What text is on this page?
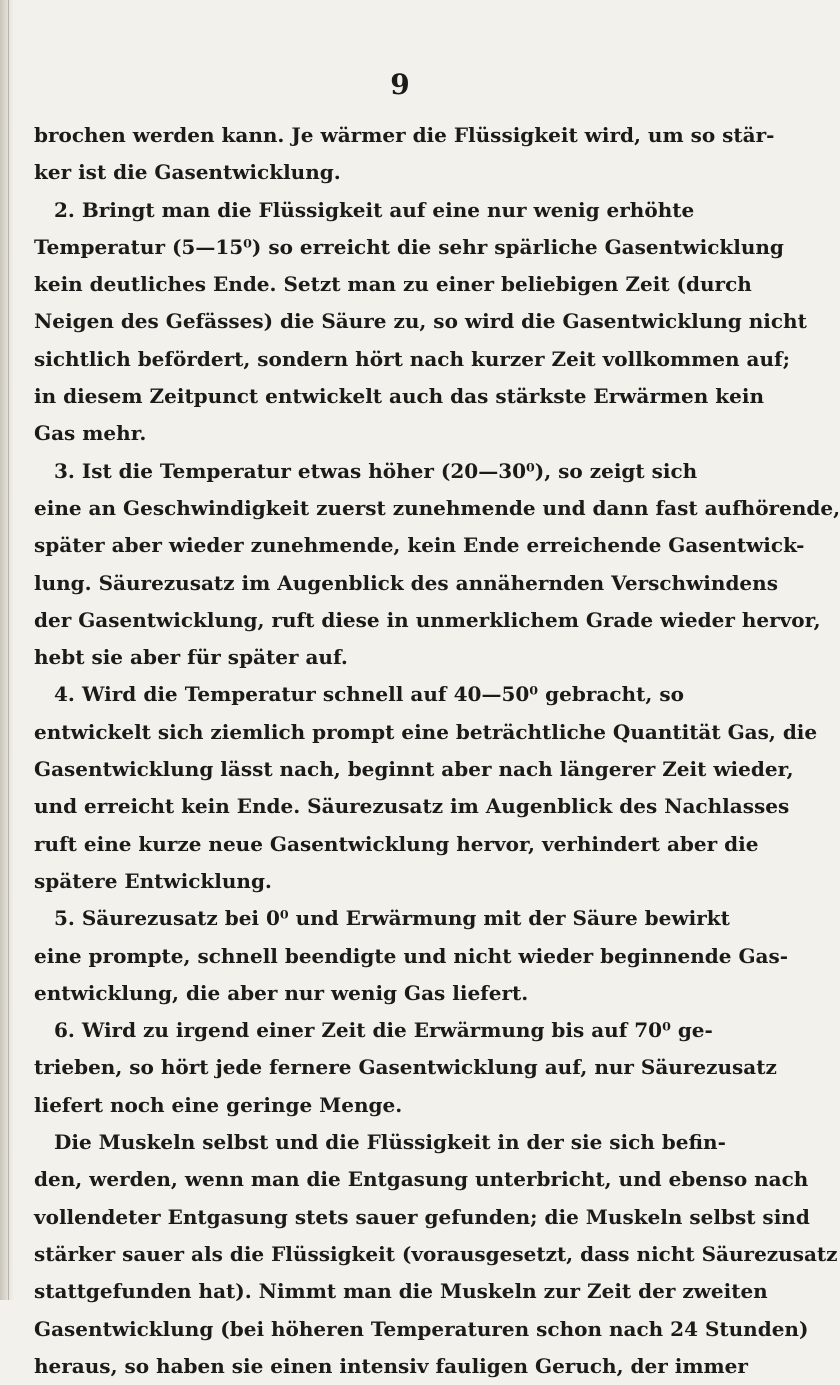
9
brochen werden kann. Je wärmer die Flüssigkeit wird, um so stär-
ker ist die Gasentwicklung.
 2. Bringt man die Flüssigkeit auf eine nur wenig erhöhte
Temperatur (5—15⁰) so erreicht die sehr spärliche Gasentwicklung
kein deutliches Ende. Setzt man zu einer beliebigen Zeit (durch
Neigen des Gefässes) die Säure zu, so wird die Gasentwicklung nicht
sichtlich befördert, sondern hört nach kurzer Zeit vollkommen auf;
in diesem Zeitpunct entwickelt auch das stärkste Erwärmen kein
Gas mehr.
 3. Ist die Temperatur etwas höher (20—30⁰), so zeigt sich
eine an Geschwindigkeit zuerst zunehmende und dann fast aufhörende,
später aber wieder zunehmende, kein Ende erreichende Gasentwick-
lung. Säurezusatz im Augenblick des annähernden Verschwindens
der Gasentwicklung, ruft diese in unmerklichem Grade wieder hervor,
hebt sie aber für später auf.
 4. Wird die Temperatur schnell auf 40—50⁰ gebracht, so
entwickelt sich ziemlich prompt eine beträchtliche Quantität Gas, die
Gasentwicklung lässt nach, beginnt aber nach längerer Zeit wieder,
und erreicht kein Ende. Säurezusatz im Augenblick des Nachlasses
ruft eine kurze neue Gasentwicklung hervor, verhindert aber die
spätere Entwicklung.
 5. Säurezusatz bei 0⁰ und Erwärmung mit der Säure bewirkt
eine prompte, schnell beendigte und nicht wieder beginnende Gas-
entwicklung, die aber nur wenig Gas liefert.
 6. Wird zu irgend einer Zeit die Erwärmung bis auf 70⁰ ge-
trieben, so hört jede fernere Gasentwicklung auf, nur Säurezusatz
liefert noch eine geringe Menge.
 Die Muskeln selbst und die Flüssigkeit in der sie sich befin-
den, werden, wenn man die Entgasung unterbricht, und ebenso nach
vollendeter Entgasung stets sauer gefunden; die Muskeln selbst sind
stärker sauer als die Flüssigkeit (vorausgesetzt, dass nicht Säurezusatz
stattgefunden hat). Nimmt man die Muskeln zur Zeit der zweiten
Gasentwicklung (bei höheren Temperaturen schon nach 24 Stunden)
heraus, so haben sie einen intensiv fauligen Geruch, der immer
